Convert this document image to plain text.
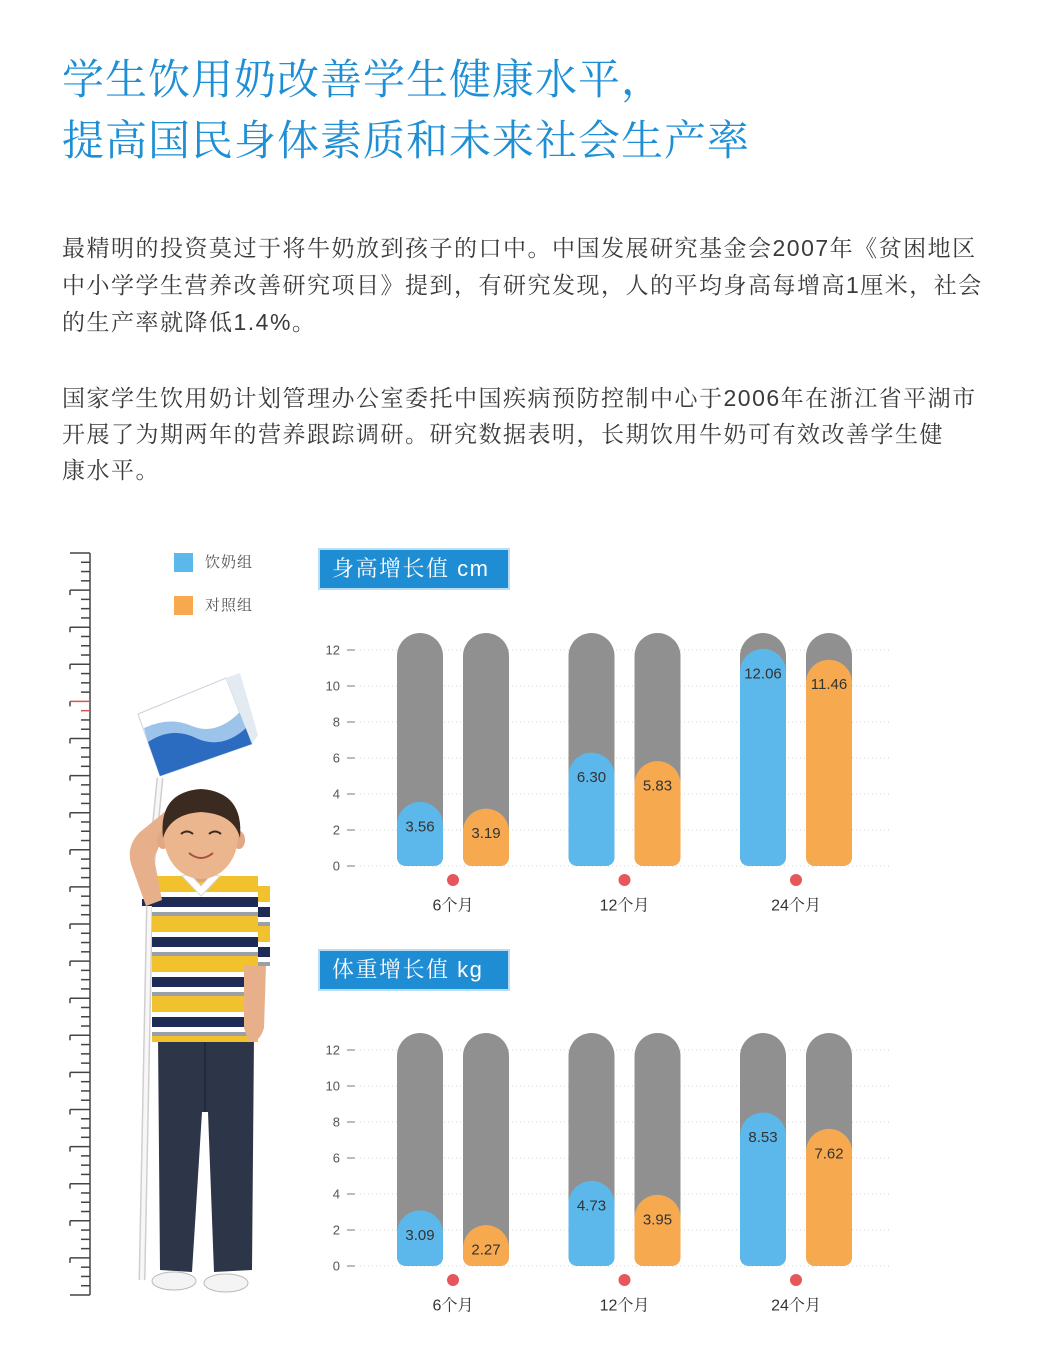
学生饮用奶改善学生健康水平，
提高国民身体素质和未来社会生产率
最精明的投资莫过于将牛奶放到孩子的口中。中国发展研究基金会2007年《贫困地区
中小学学生营养改善研究项目》提到，有研究发现，人的平均身高每增高1厘米，社会
的生产率就降低1.4%。
国家学生饮用奶计划管理办公室委托中国疾病预防控制中心于2006年在浙江省平湖市
开展了为期两年的营养跟踪调研。研究数据表明，长期饮用牛奶可有效改善学生健
康水平。
饮奶组
对照组
身高增长值 cm
0
2
4
6
8
10
12
3.56 3.19
6个月
6.30 5.83
12个月
12.06
11.46
24个月
体重增长值 kg
0
2
4
6
8
10
12
3.09
2.27
6个月
4.73
3.95
12个月
8.53
7.62
24个月
